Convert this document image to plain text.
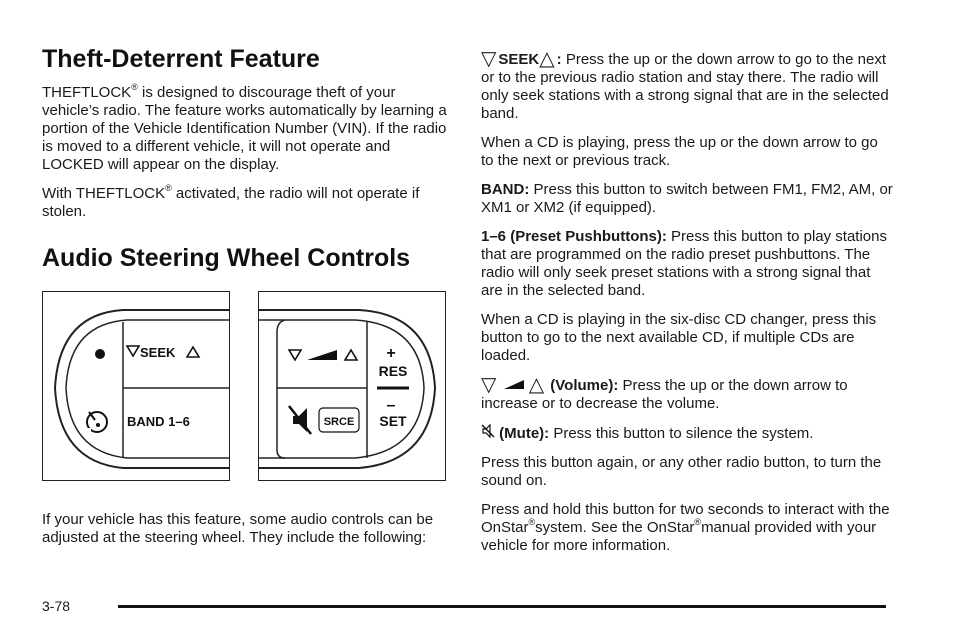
Theft-Deterrent Feature

THEFTLOCK® is designed to discourage theft of your vehicle’s radio. The feature works automatically by learning a portion of the Vehicle Identification Number (VIN). If the radio is moved to a different vehicle, it will not operate and LOCKED will appear on the display.

With THEFTLOCK® activated, the radio will not operate if stolen.

Audio Steering Wheel Controls
SEEK
BAND 1–6	SRCE
+
RES
–
SET

If your vehicle has this feature, some audio controls can be adjusted at the steering wheel. They include the following:

▽ SEEK△ : Press the up or the down arrow to go to the next or to the previous radio station and stay there. The radio will only seek stations with a strong signal that are in the selected band.

When a CD is playing, press the up or the down arrow to go to the next or previous track.

BAND: Press this button to switch between FM1, FM2, AM, or XM1 or XM2 (if equipped).

1–6 (Preset Pushbuttons): Press this button to play stations that are programmed on the radio preset pushbuttons. The radio will only seek preset stations with a strong signal that are in the selected band.

When a CD is playing in the six-disc CD changer, press this button to go to the next available CD, if multiple CDs are loaded.

▽ △ (Volume): Press the up or the down arrow to increase or to decrease the volume.

(Mute): Press this button to silence the system.

Press this button again, or any other radio button, to turn the sound on.

Press and hold this button for two seconds to interact with the OnStar®system. See the OnStar®manual provided with your vehicle for more information.

3-78
